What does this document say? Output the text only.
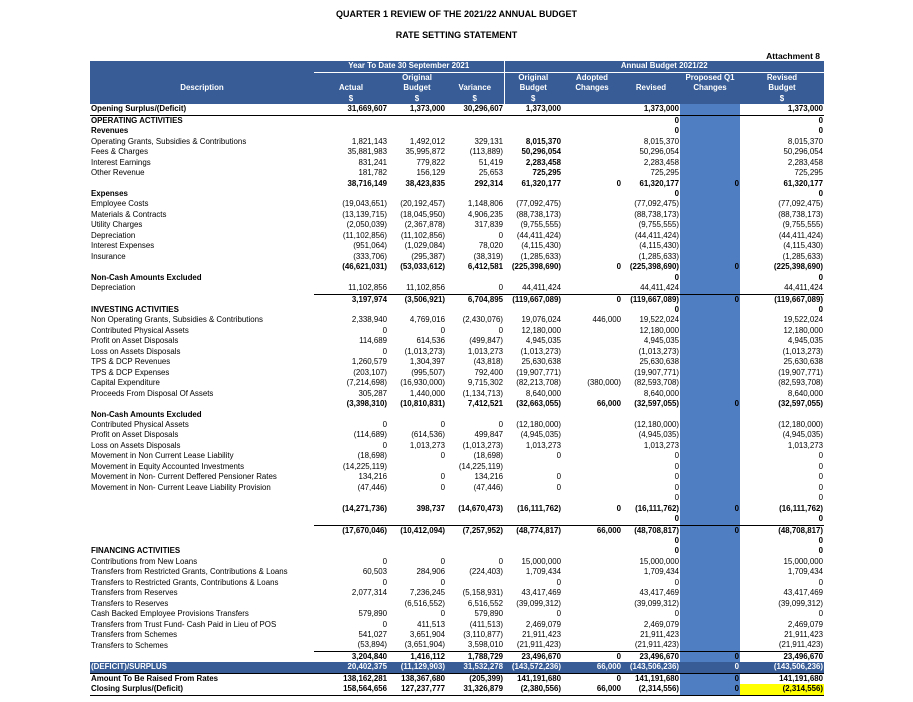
QUARTER 1 REVIEW OF THE 2021/22 ANNUAL BUDGET
RATE SETTING STATEMENT
Attachment 8
	Year To Date 30 September 2021			Annual Budget 2021/22				
		Original		Original	Adopted		Proposed Q1	Revised
Description	Actual	Budget	Variance	Budget	Changes	Revised	Changes	Budget
	$	$	$	$				$
Opening Surplus/(Deficit)	31,669,607	1,373,000	30,296,607	1,373,000		1,373,000		1,373,000
OPERATING ACTIVITIES						0		0
Revenues						0		0
Operating Grants, Subsidies & Contributions	1,821,143	1,492,012	329,131	8,015,370		8,015,370		8,015,370
Fees & Charges	35,881,983	35,995,872	(113,889)	50,296,054		50,296,054		50,296,054
Interest Earnings	831,241	779,822	51,419	2,283,458		2,283,458		2,283,458
Other Revenue	181,782	156,129	25,653	725,295		725,295		725,295
	38,716,149	38,423,835	292,314	61,320,177	0	61,320,177	0	61,320,177
Expenses						0		0
Employee Costs	(19,043,651)	(20,192,457)	1,148,806	(77,092,475)		(77,092,475)		(77,092,475)
Materials & Contracts	(13,139,715)	(18,045,950)	4,906,235	(88,738,173)		(88,738,173)		(88,738,173)
Utility Charges	(2,050,039)	(2,367,878)	317,839	(9,755,555)		(9,755,555)		(9,755,555)
Depreciation	(11,102,856)	(11,102,856)	0	(44,411,424)		(44,411,424)		(44,411,424)
Interest Expenses	(951,064)	(1,029,084)	78,020	(4,115,430)		(4,115,430)		(4,115,430)
Insurance	(333,706)	(295,387)	(38,319)	(1,285,633)		(1,285,633)		(1,285,633)
	(46,621,031)	(53,033,612)	6,412,581	(225,398,690)	0	(225,398,690)	0	(225,398,690)
Non-Cash Amounts Excluded						0		0
Depreciation	11,102,856	11,102,856	0	44,411,424		44,411,424		44,411,424
	3,197,974	(3,506,921)	6,704,895	(119,667,089)	0	(119,667,089)	0	(119,667,089)
INVESTING ACTIVITIES						0		0
Non Operating Grants, Subsidies & Contributions	2,338,940	4,769,016	(2,430,076)	19,076,024	446,000	19,522,024		19,522,024
Contributed Physical Assets	0	0	0	12,180,000		12,180,000		12,180,000
Profit on Asset Disposals	114,689	614,536	(499,847)	4,945,035		4,945,035		4,945,035
Loss on Assets Disposals	0	(1,013,273)	1,013,273	(1,013,273)		(1,013,273)		(1,013,273)
TPS & DCP Revenues	1,260,579	1,304,397	(43,818)	25,630,638		25,630,638		25,630,638
TPS & DCP Expenses	(203,107)	(995,507)	792,400	(19,907,771)		(19,907,771)		(19,907,771)
Capital Expenditure	(7,214,698)	(16,930,000)	9,715,302	(82,213,708)	(380,000)	(82,593,708)		(82,593,708)
Proceeds From Disposal Of Assets	305,287	1,440,000	(1,134,713)	8,640,000		8,640,000		8,640,000
	(3,398,310)	(10,810,831)	7,412,521	(32,663,055)	66,000	(32,597,055)	0	(32,597,055)
Non-Cash Amounts Excluded								
Contributed Physical Assets	0	0	0	(12,180,000)		(12,180,000)		(12,180,000)
Profit on Asset Disposals	(114,689)	(614,536)	499,847	(4,945,035)		(4,945,035)		(4,945,035)
Loss on Assets Disposals	0	1,013,273	(1,013,273)	1,013,273		1,013,273		1,013,273
Movement in Non Current Lease Liability	(18,698)	0	(18,698)	0		0		0
Movement in Equity Accounted Investments	(14,225,119)		(14,225,119)			0		0
Movement in Non- Current Deffered Pensioner Rates	134,216	0	134,216	0		0		0
Movement in Non- Current Leave Liability Provision	(47,446)	0	(47,446)	0		0		0
						0		0
	(14,271,736)	398,737	(14,670,473)	(16,111,762)	0	(16,111,762)	0	(16,111,762)
						0		0
	(17,670,046)	(10,412,094)	(7,257,952)	(48,774,817)	66,000	(48,708,817)	0	(48,708,817)
						0		0
FINANCING ACTIVITIES						0		0
Contributions from New Loans	0	0	0	15,000,000		15,000,000		15,000,000
Transfers from Restricted Grants, Contributions & Loans	60,503	284,906	(224,403)	1,709,434		1,709,434		1,709,434
Transfers to Restricted Grants, Contributions & Loans	0	0		0		0		0
Transfers from Reserves	2,077,314	7,236,245	(5,158,931)	43,417,469		43,417,469		43,417,469
Transfers to Reserves		(6,516,552)	6,516,552	(39,099,312)		(39,099,312)		(39,099,312)
Cash Backed Employee Provisions Transfers	579,890	0	579,890	0		0		0
Transfers from Trust Fund- Cash Paid in Lieu of POS	0	411,513	(411,513)	2,469,079		2,469,079		2,469,079
Transfers from Schemes	541,027	3,651,904	(3,110,877)	21,911,423		21,911,423		21,911,423
Transfers to Schemes	(53,894)	(3,651,904)	3,598,010	(21,911,423)		(21,911,423)		(21,911,423)
	3,204,840	1,416,112	1,788,729	23,496,670	0	23,496,670	0	23,496,670
(DEFICIT)/SURPLUS	20,402,375	(11,129,903)	31,532,278	(143,572,236)	66,000	(143,506,236)	0	(143,506,236)
Amount To Be Raised From Rates	138,162,281	138,367,680	(205,399)	141,191,680	0	141,191,680	0	141,191,680
Closing Surplus/(Deficit)	158,564,656	127,237,777	31,326,879	(2,380,556)	66,000	(2,314,556)	0	(2,314,556)
